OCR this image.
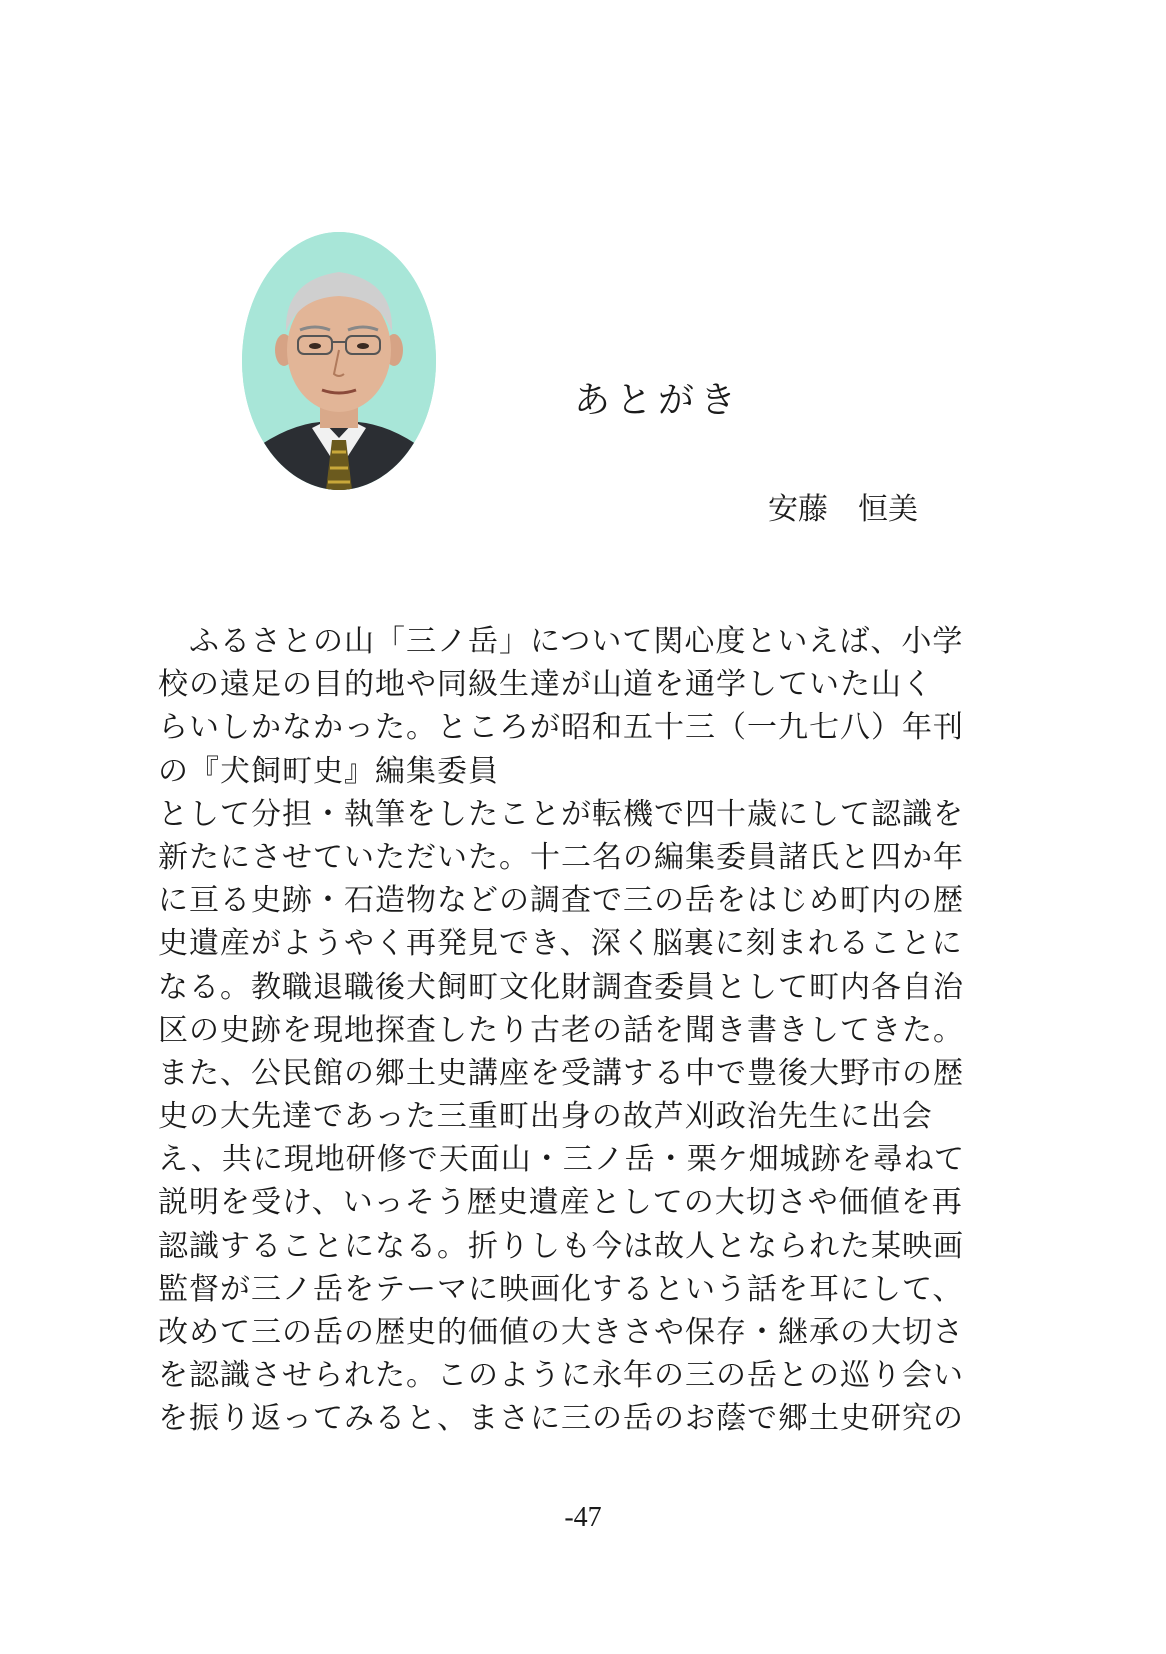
あとがき
安藤　恒美
　ふるさとの山「三ノ岳」について関心度といえば、小学
校の遠足の目的地や同級生達が山道を通学していた山く
らいしかなかった。ところが昭和五十三（一九七八）年刊
の『犬飼町史』編集委員
として分担・執筆をしたことが転機で四十歳にして認識を
新たにさせていただいた。十二名の編集委員諸氏と四か年
に亘る史跡・石造物などの調査で三の岳をはじめ町内の歴
史遺産がようやく再発見でき、深く脳裏に刻まれることに
なる。教職退職後犬飼町文化財調査委員として町内各自治
区の史跡を現地探査したり古老の話を聞き書きしてきた。
また、公民館の郷土史講座を受講する中で豊後大野市の歴
史の大先達であった三重町出身の故芦刈政治先生に出会
え、共に現地研修で天面山・三ノ岳・栗ケ畑城跡を尋ねて
説明を受け、いっそう歴史遺産としての大切さや価値を再
認識することになる。折りしも今は故人となられた某映画
監督が三ノ岳をテーマに映画化するという話を耳にして、
改めて三の岳の歴史的価値の大きさや保存・継承の大切さ
を認識させられた。このように永年の三の岳との巡り会い
を振り返ってみると、まさに三の岳のお蔭で郷土史研究の
-47
